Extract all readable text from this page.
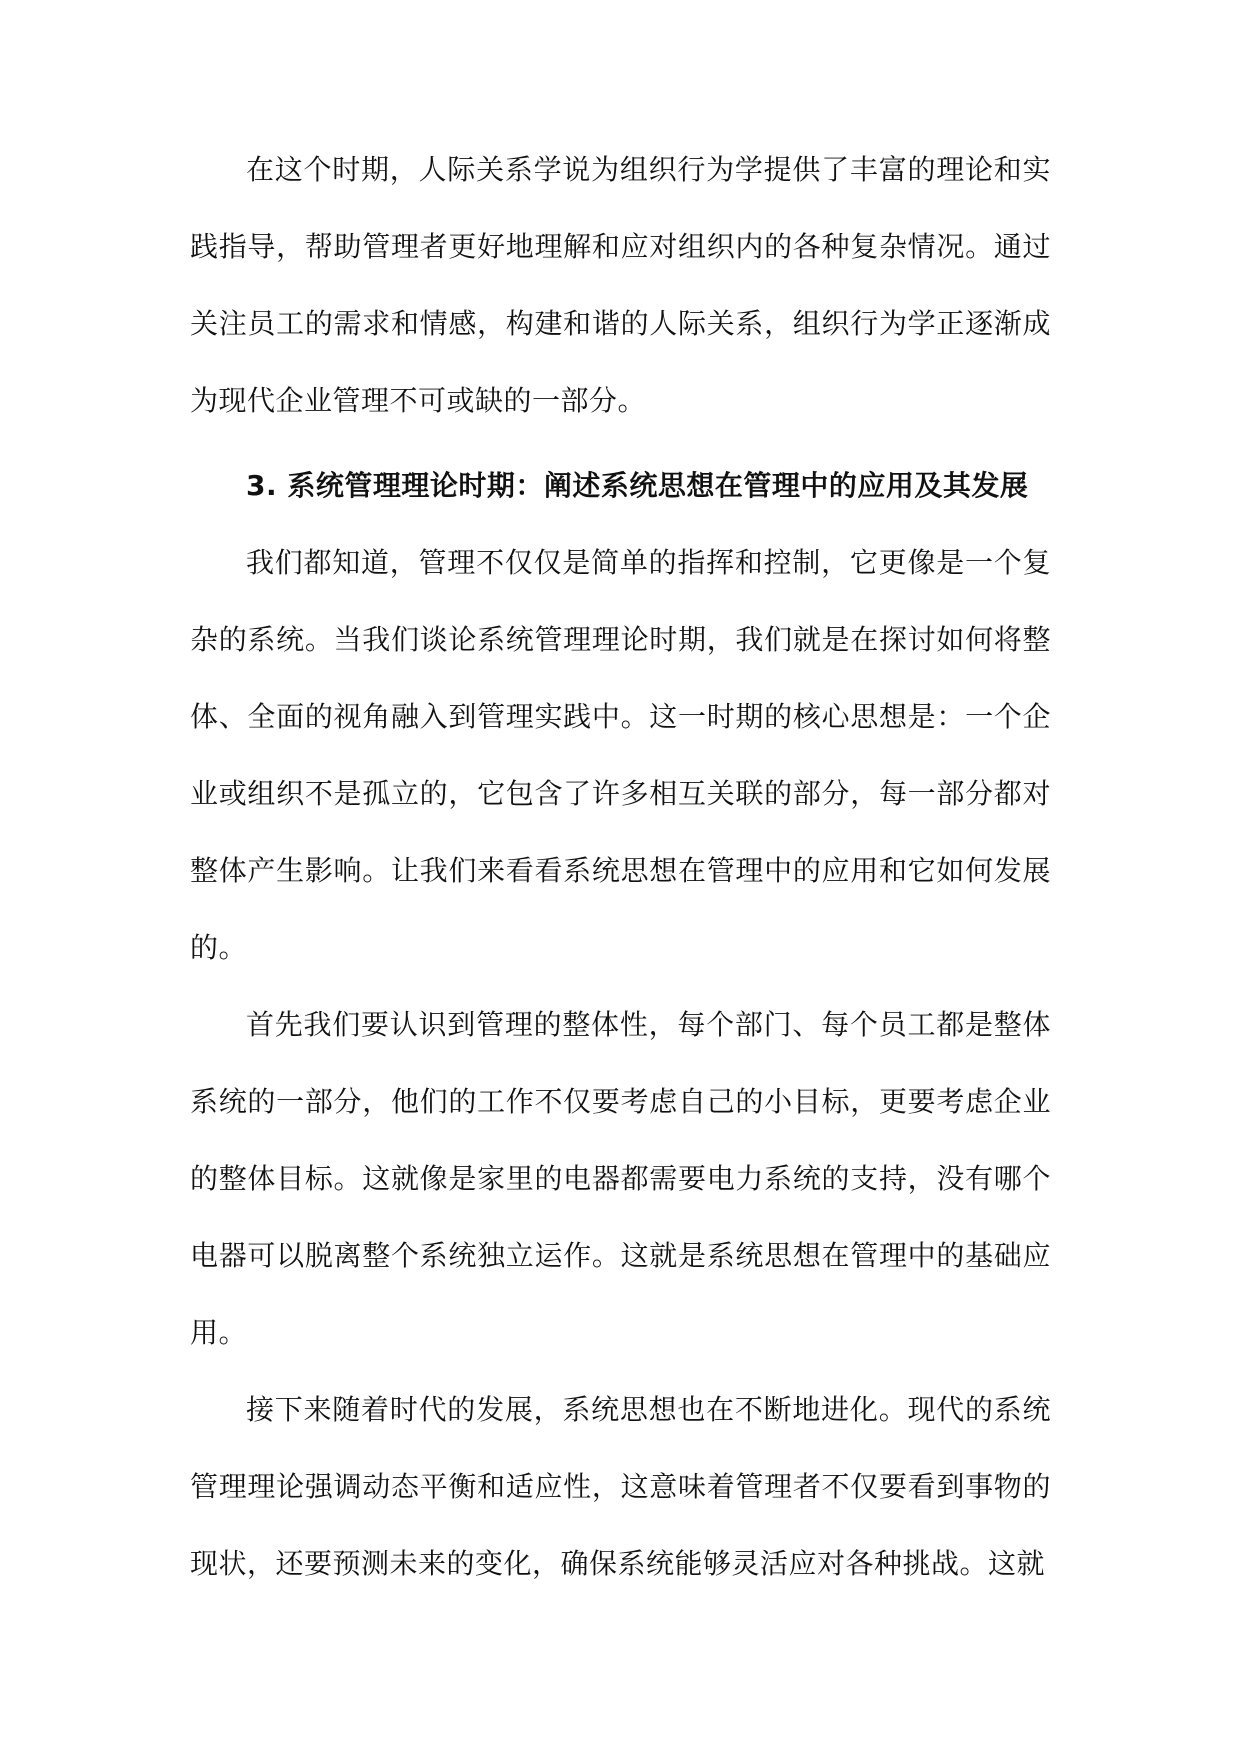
在这个时期，人际关系学说为组织行为学提供了丰富的理论和实践指导，帮助管理者更好地理解和应对组织内的各种复杂情况。通过关注员工的需求和情感，构建和谐的人际关系，组织行为学正逐渐成为现代企业管理不可或缺的一部分。

3. 系统管理理论时期：阐述系统思想在管理中的应用及其发展

我们都知道，管理不仅仅是简单的指挥和控制，它更像是一个复杂的系统。当我们谈论系统管理理论时期，我们就是在探讨如何将整体、全面的视角融入到管理实践中。这一时期的核心思想是：一个企业或组织不是孤立的，它包含了许多相互关联的部分，每一部分都对整体产生影响。让我们来看看系统思想在管理中的应用和它如何发展的。

首先我们要认识到管理的整体性，每个部门、每个员工都是整体系统的一部分，他们的工作不仅要考虑自己的小目标，更要考虑企业的整体目标。这就像是家里的电器都需要电力系统的支持，没有哪个电器可以脱离整个系统独立运作。这就是系统思想在管理中的基础应用。

接下来随着时代的发展，系统思想也在不断地进化。现代的系统管理理论强调动态平衡和适应性，这意味着管理者不仅要看到事物的现状，还要预测未来的变化，确保系统能够灵活应对各种挑战。这就
